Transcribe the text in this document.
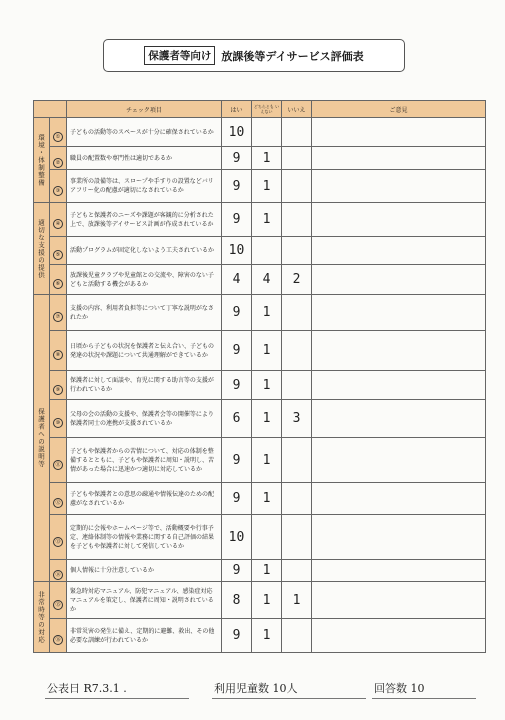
保護者等向け 放課後等デイサービス評価表
		チェック項目	はい	どちらとも いえない	いいえ	ご意見
環境・体制整備	①	子どもの活動等のスペースが十分に確保されているか	10			
	②	職員の配置数や専門性は適切であるか	9	1		
	③	事業所の設備等は、スロープや手すりの設置などバリアフリー化の配慮が適切になされているか	9	1		
適切な支援の提供	④	子どもと保護者のニーズや課題が客観的に分析された上で、放課後等デイサービス計画が作成されているか	9	1		
	⑤	活動プログラムが固定化しないよう工夫されているか	10			
	⑥	放課後児童クラブや児童館との交流や、障害のない子どもと活動する機会があるか	4	4	2	
保護者への説明等	⑦	支援の内容、利用者負担等について丁寧な説明がなされたか	9	1		
	⑧	日頃から子どもの状況を保護者と伝え合い、子どもの発達の状況や課題について共通理解ができているか	9	1		
	⑨	保護者に対して面談や、育児に関する助言等の支援が行われているか	9	1		
	⑩	父母の会の活動の支援や、保護者会等の開催等により保護者同士の連携が支援されているか	6	1	3	
	⑪	子どもや保護者からの苦情について、対応の体制を整備するとともに、子どもや保護者に周知・説明し、苦情があった場合に迅速かつ適切に対応しているか	9	1		
	⑫	子どもや保護者との意思の疎通や情報伝達のための配慮がなされているか	9	1		
	⑬	定期的に会報やホームページ等で、活動概要や行事予定、連絡体制等の情報や業務に関する自己評価の結果を子どもや保護者に対して発信しているか	10			
	⑭	個人情報に十分注意しているか	9	1		
非常時等の対応	⑮	緊急時対応マニュアル、防犯マニュアル、感染症対応マニュアルを策定し、保護者に周知・説明されているか	8	1	1	
	⑯	非常災害の発生に備え、定期的に避難、救出、その他必要な訓練が行われているか	9	1		
公表日 R7.3.1 .	利用児童数 10人	回答数 10
